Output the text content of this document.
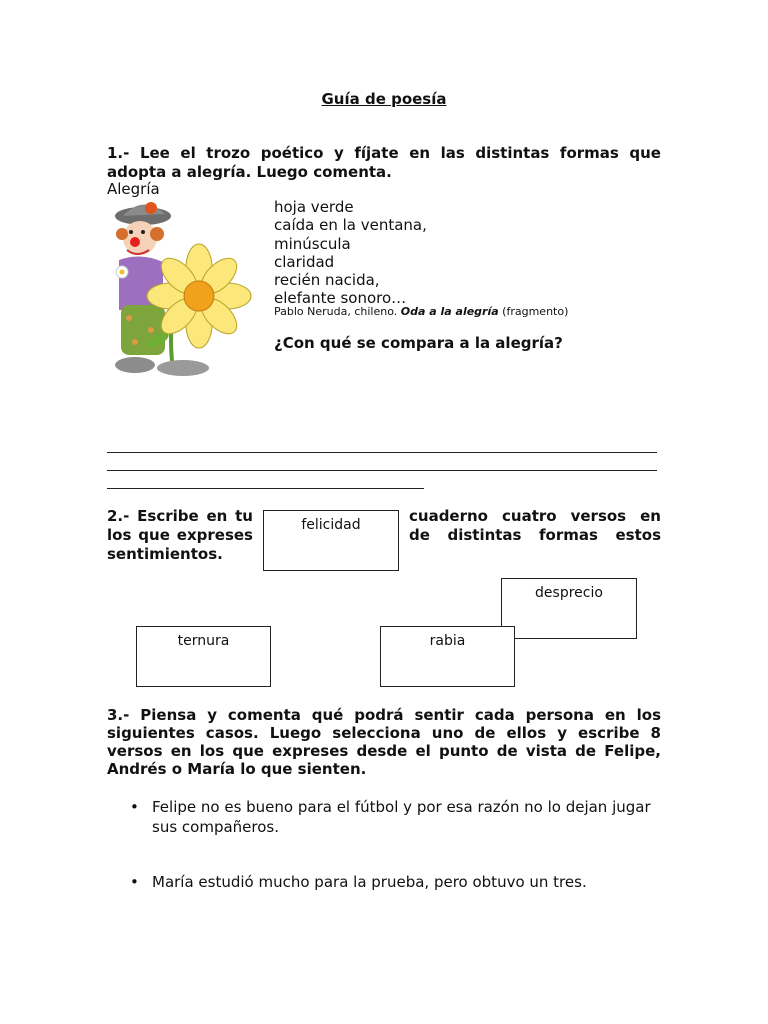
Guía de poesía
1.- Lee el trozo poético y fíjate en las distintas formas que adopta a alegría. Luego comenta.
Alegría
hoja verde
caída en la ventana,
minúscula
claridad
recién nacida,
elefante sonoro…
Pablo Neruda, chileno. Oda a la alegría (fragmento)
¿Con qué se compara a la alegría?
2.- Escribe en tu	cuaderno cuatro versos en
los que expreses	de distintas formas estos
sentimientos.
felicidad
desprecio
ternura	rabia
3.- Piensa y comenta qué podrá sentir cada persona en los siguientes casos. Luego selecciona uno de ellos y escribe 8 versos en los que expreses desde el punto de vista de Felipe, Andrés o María lo que sienten.
• Felipe no es bueno para el fútbol y por esa razón no lo dejan jugar sus compañeros.
• María estudió mucho para la prueba, pero obtuvo un tres.
